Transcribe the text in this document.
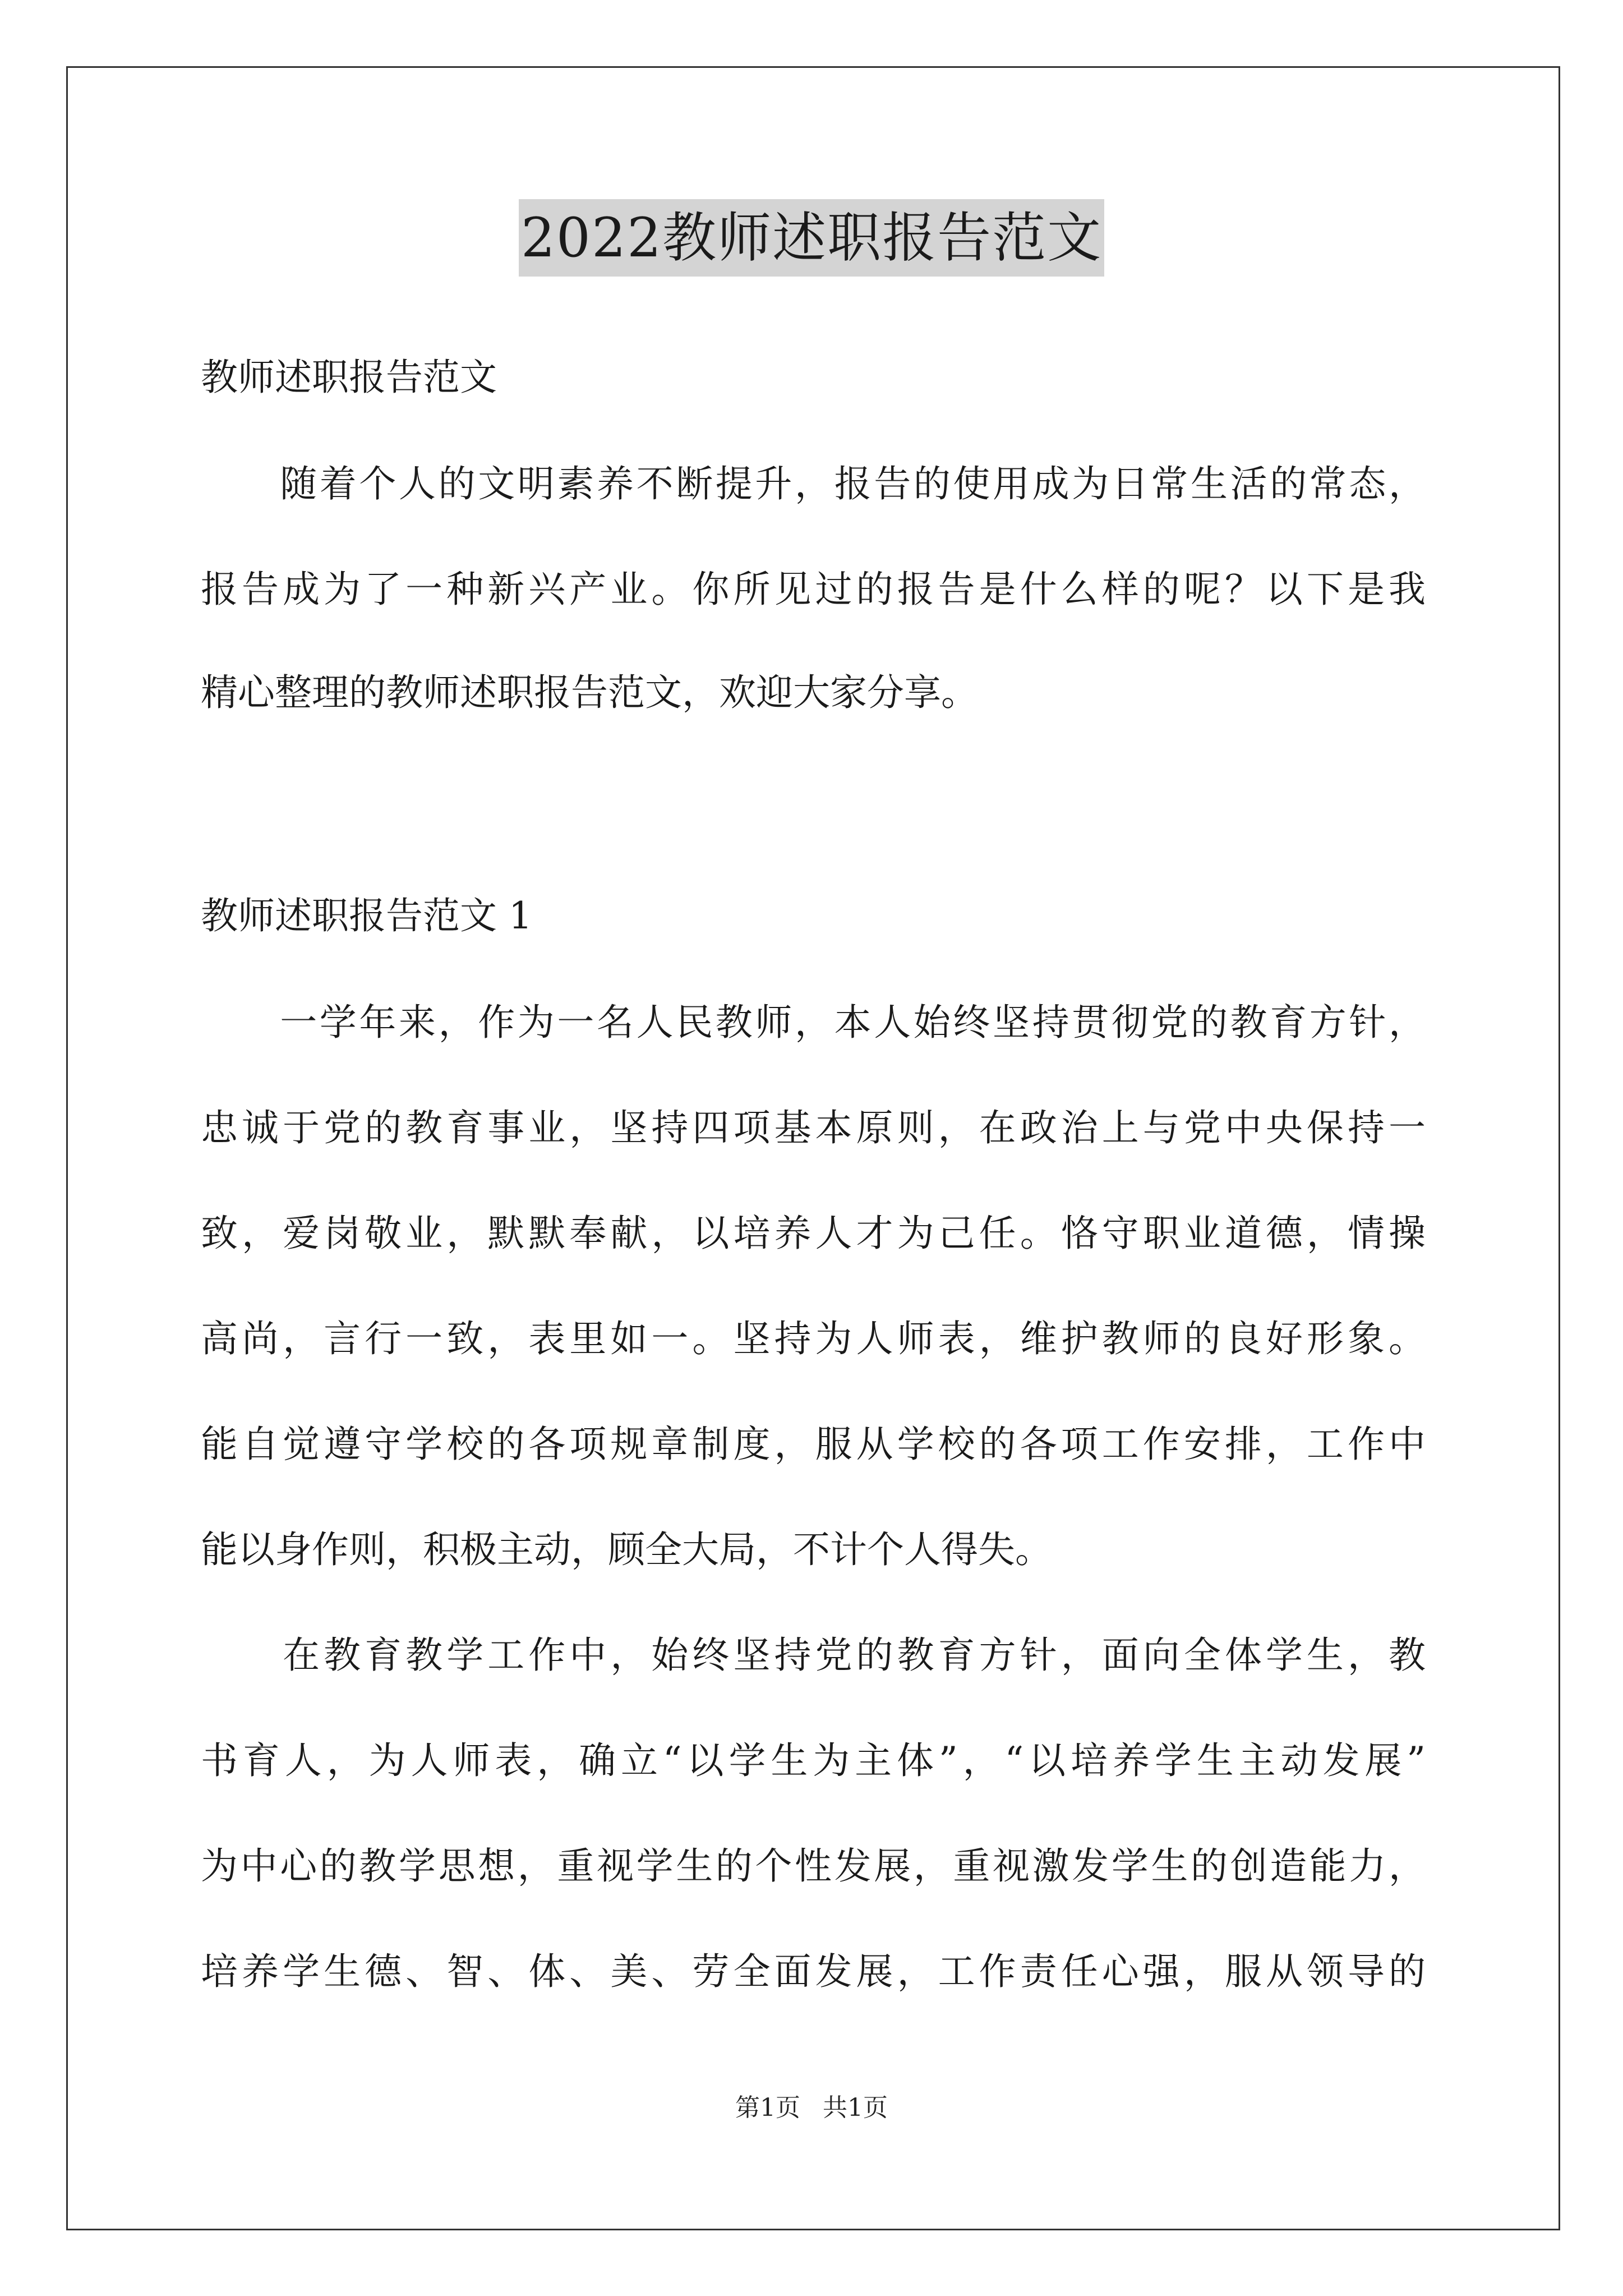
2022教师述职报告范文

教师述职报告范文

　　随着个人的文明素养不断提升，报告的使用成为日常生活的常态，

报告成为了一种新兴产业。你所见过的报告是什么样的呢？以下是我

精心整理的教师述职报告范文，欢迎大家分享。

教师述职报告范文 1

　　一学年来，作为一名人民教师，本人始终坚持贯彻党的教育方针，

忠诚于党的教育事业，坚持四项基本原则，在政治上与党中央保持一

致，爱岗敬业，默默奉献，以培养人才为己任。恪守职业道德，情操

高尚，言行一致，表里如一。坚持为人师表，维护教师的良好形象。

能自觉遵守学校的各项规章制度，服从学校的各项工作安排，工作中

能以身作则，积极主动，顾全大局，不计个人得失。

　　在教育教学工作中，始终坚持党的教育方针，面向全体学生，教

书育人，为人师表，确立“以学生为主体”，“以培养学生主动发展”

为中心的教学思想，重视学生的个性发展，重视激发学生的创造能力，

培养学生德、智、体、美、劳全面发展，工作责任心强，服从领导的

第1页 共1页
